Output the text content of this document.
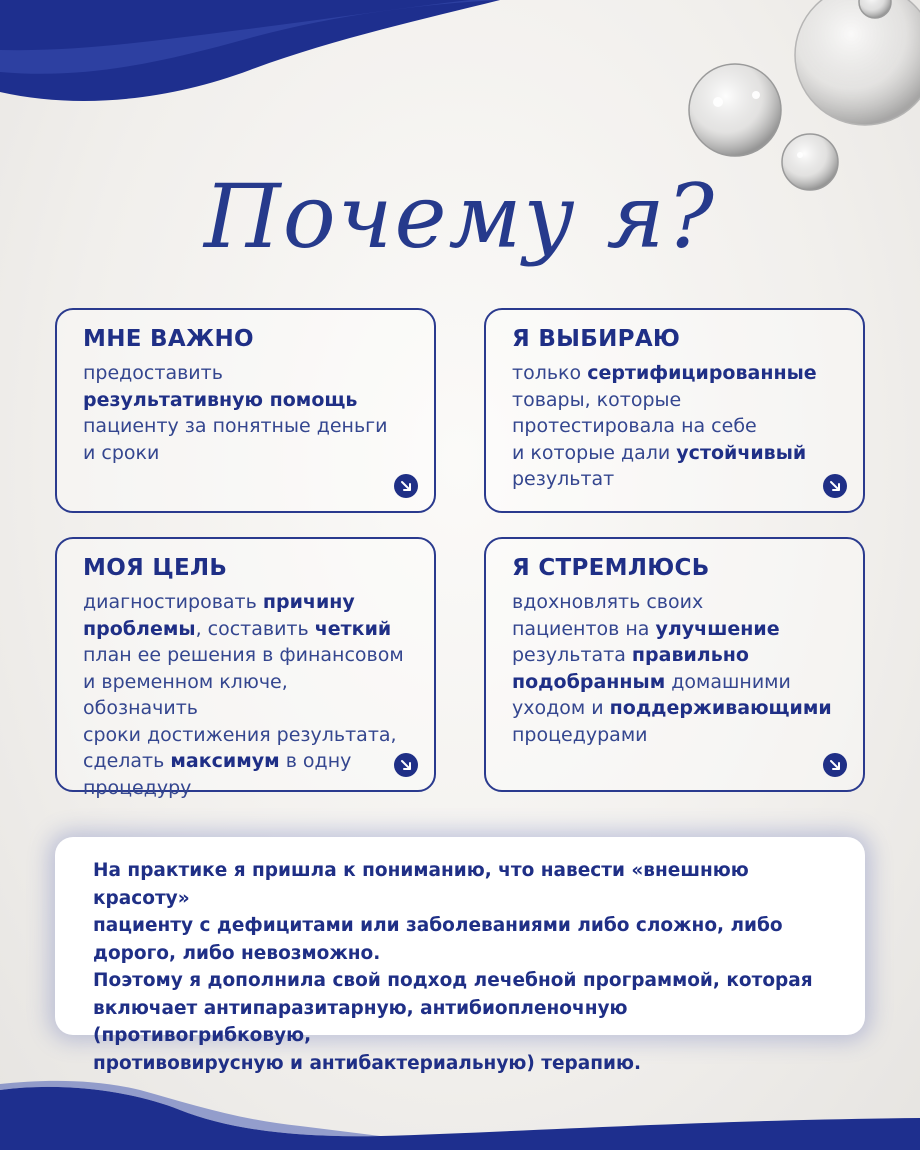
Почему я?
МНЕ ВАЖНО

предоставить
результативную помощь
пациенту за понятные деньги
и сроки

Я ВЫБИРАЮ

только сертифицированные
товары, которые
протестировала на себе
и которые дали устойчивый
результат

МОЯ ЦЕЛЬ

диагностировать причину
проблемы, составить четкий
план ее решения в финансовом
и временном ключе, обозначить
сроки достижения результата,
сделать максимум в одну
процедуру

Я СТРЕМЛЮСЬ

вдохновлять своих
пациентов на улучшение
результата правильно
подобранным домашними
уходом и поддерживающими
процедурами

На практике я пришла к пониманию, что навести «внешнюю красоту»
пациенту с дефицитами или заболеваниями либо сложно, либо
дорого, либо невозможно.
Поэтому я дополнила свой подход лечебной программой, которая
включает антипаразитарную, антибиопленочную (противогрибковую,
противовирусную и антибактериальную) терапию.
